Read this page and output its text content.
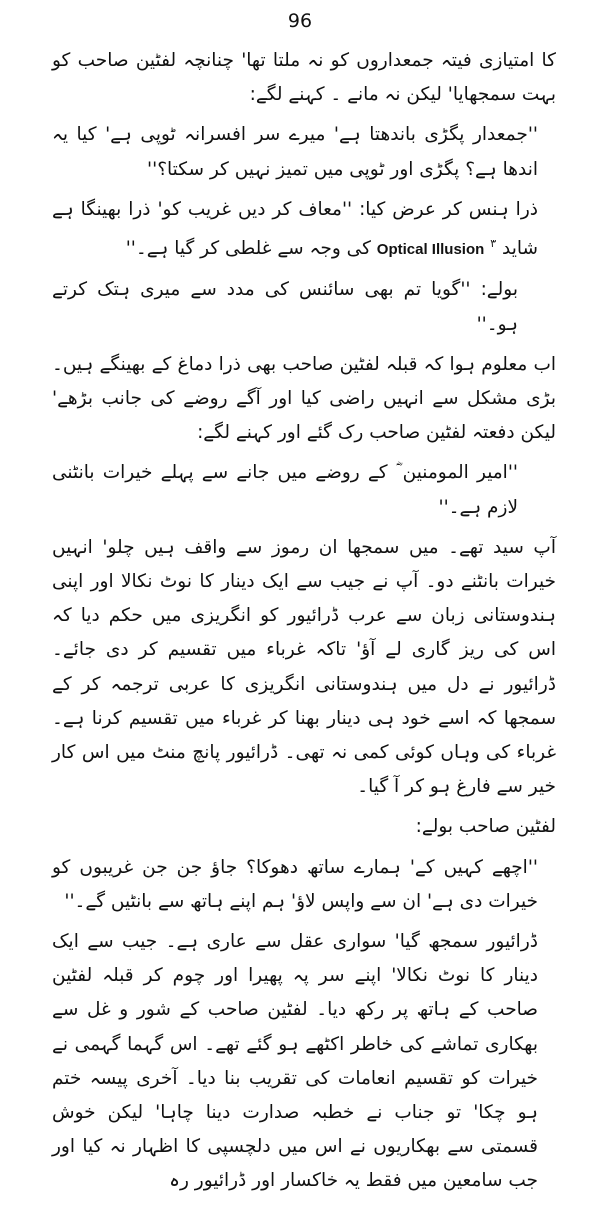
96

کا امتیازی فیتہ جمعداروں کو نہ ملتا تھا' چنانچہ لفٹین صاحب کو بہت سمجھایا' لیکن نہ مانے ۔ کہنے لگے:

''جمعدار پگڑی باندھتا ہے' میرے سر افسرانہ ٹوپی ہے' کیا یہ اندھا ہے؟ پگڑی اور ٹوپی میں تمیز نہیں کر سکتا؟''

ذرا ہنس کر عرض کیا: ''معاف کر دیں غریب کو' ذرا بھینگا ہے شاید $^۳$ Optical Illusion کی وجہ سے غلطی کر گیا ہے۔''

بولے: ''گویا تم بھی سائنس کی مدد سے میری ہتک کرتے ہو۔''

اب معلوم ہوا کہ قبلہ لفٹین صاحب بھی ذرا دماغ کے بھینگے ہیں۔ بڑی مشکل سے انہیں راضی کیا اور آگے روضے کی جانب بڑھے' لیکن دفعتہ لفٹین صاحب رک گئے اور کہنے لگے:

''امیر المومنین ؓ کے روضے میں جانے سے پہلے خیرات بانٹنی لازم ہے۔''

آپ سید تھے۔ میں سمجھا ان رموز سے واقف ہیں چلو' انہیں خیرات بانٹنے دو۔ آپ نے جیب سے ایک دینار کا نوٹ نکالا اور اپنی ہندوستانی زبان سے عرب ڈرائیور کو انگریزی میں حکم دیا کہ اس کی ریز گاری لے آؤ' تاکہ غرباء میں تقسیم کر دی جائے۔ ڈرائیور نے دل میں ہندوستانی انگریزی کا عربی ترجمہ کر کے سمجھا کہ اسے خود ہی دینار بھنا کر غرباء میں تقسیم کرنا ہے۔ غرباء کی وہاں کوئی کمی نہ تھی۔ ڈرائیور پانچ منٹ میں اس کار خیر سے فارغ ہو کر آ گیا۔

لفٹین صاحب بولے:

''اچھے کہیں کے' ہمارے ساتھ دھوکا؟ جاؤ جن جن غریبوں کو خیرات دی ہے' ان سے واپس لاؤ' ہم اپنے ہاتھ سے بانٹیں گے۔''

ڈرائیور سمجھ گیا' سواری عقل سے عاری ہے۔ جیب سے ایک دینار کا نوٹ نکالا' اپنے سر پہ پھیرا اور چوم کر قبلہ لفٹین صاحب کے ہاتھ پر رکھ دیا۔ لفٹین صاحب کے شور و غل سے بھکاری تماشے کی خاطر اکٹھے ہو گئے تھے۔ اس گہما گہمی نے خیرات کو تقسیم انعامات کی تقریب بنا دیا۔ آخری پیسہ ختم ہو چکا' تو جناب نے خطبہ صدارت دینا چاہا' لیکن خوش قسمتی سے بھکاریوں نے اس میں دلچسپی کا اظہار نہ کیا اور جب سامعین میں فقط یہ خاکسار اور ڈرائیور رہ
